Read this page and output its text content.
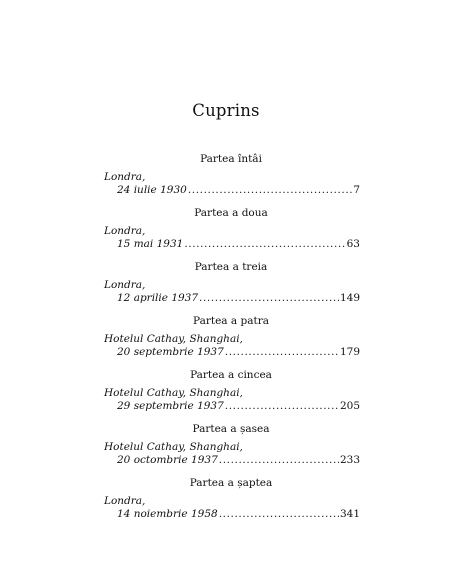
Cuprins
Partea întâi
Londra,
24 iulie 1930 .....	7
Partea a doua
Londra,
15 mai 1931 .....	63
Partea a treia
Londra,
12 aprilie 1937 .....	149
Partea a patra
Hotelul Cathay, Shanghai,
20 septembrie 1937 .....	179
Partea a cincea
Hotelul Cathay, Shanghai,
29 septembrie 1937 .....	205
Partea a șasea
Hotelul Cathay, Shanghai,
20 octombrie 1937 .....	233
Partea a șaptea
Londra,
14 noiembrie 1958 .....	341
